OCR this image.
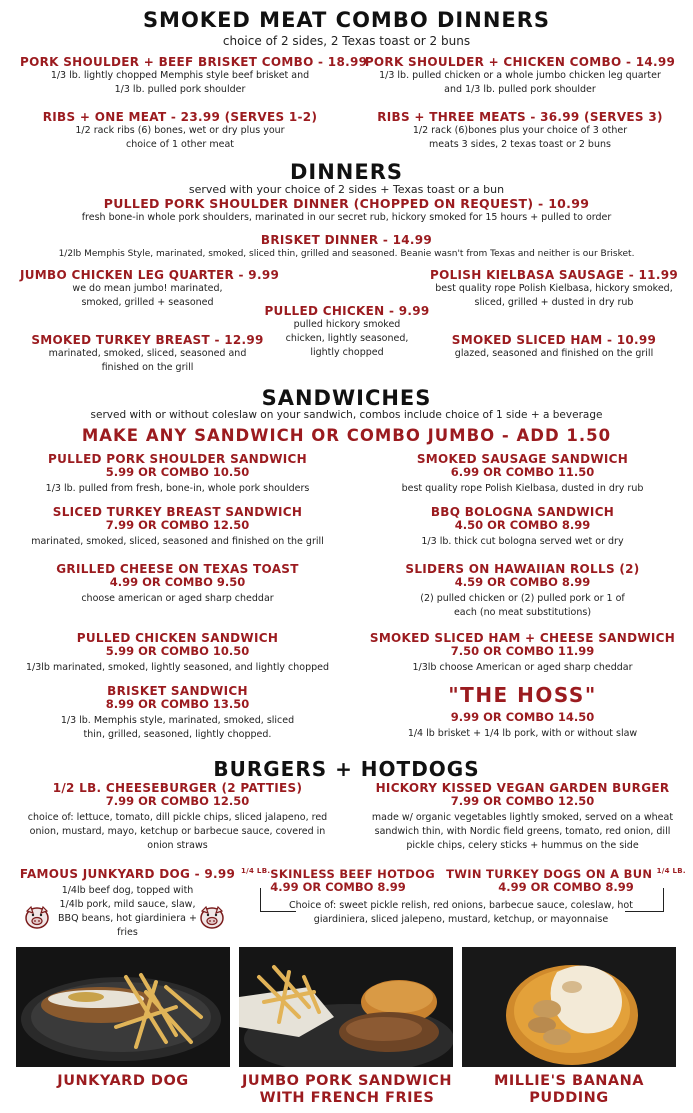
SMOKED MEAT COMBO DINNERS
choice of 2 sides, 2 Texas toast or 2 buns
PORK SHOULDER + BEEF BRISKET COMBO - 18.99
1/3 lb. lightly chopped Memphis style beef brisket and 1/3 lb. pulled pork shoulder
PORK SHOULDER + CHICKEN COMBO - 14.99
1/3 lb. pulled chicken or a whole jumbo chicken leg quarter and 1/3 lb. pulled pork shoulder
RIBS + ONE MEAT - 23.99 (SERVES 1-2)
1/2 rack ribs (6) bones, wet or dry plus your choice of 1 other meat
RIBS + THREE MEATS - 36.99 (SERVES 3)
1/2 rack (6)bones plus your choice of 3 other meats 3 sides, 2 texas toast or 2 buns
DINNERS
served with your choice of 2 sides + Texas toast or a bun
PULLED PORK SHOULDER DINNER (CHOPPED ON REQUEST) - 10.99
fresh bone-in whole pork shoulders, marinated in our secret rub, hickory smoked for 15 hours + pulled to order
BRISKET DINNER - 14.99
1/2lb Memphis Style, marinated, smoked, sliced thin, grilled and seasoned. Beanie wasn't from Texas and neither is our Brisket.
JUMBO CHICKEN LEG QUARTER - 9.99
we do mean jumbo! marinated, smoked, grilled + seasoned
POLISH KIELBASA SAUSAGE - 11.99
best quality rope Polish Kielbasa, hickory smoked, sliced, grilled + dusted in dry rub
PULLED CHICKEN - 9.99
pulled hickory smoked chicken, lightly seasoned, lightly chopped
SMOKED TURKEY BREAST - 12.99
marinated, smoked, sliced, seasoned and finished on the grill
SMOKED SLICED HAM - 10.99
glazed, seasoned and finished on the grill
SANDWICHES
served with or without coleslaw on your sandwich, combos include choice of 1 side + a beverage
MAKE ANY SANDWICH OR COMBO JUMBO - ADD 1.50
PULLED PORK SHOULDER SANDWICH
5.99 OR COMBO 10.50
1/3 lb. pulled from fresh, bone-in, whole pork shoulders
SMOKED SAUSAGE SANDWICH
6.99 OR COMBO 11.50
best quality rope Polish Kielbasa, dusted in dry rub
SLICED TURKEY BREAST SANDWICH
7.99 OR COMBO 12.50
marinated, smoked, sliced, seasoned and finished on the grill
BBQ BOLOGNA SANDWICH
4.50 OR COMBO 8.99
1/3 lb. thick cut bologna served wet or dry
GRILLED CHEESE ON TEXAS TOAST
4.99 OR COMBO 9.50
choose american or aged sharp cheddar
SLIDERS ON HAWAIIAN ROLLS (2)
4.59 OR COMBO 8.99
(2) pulled chicken or (2) pulled pork or 1 of each (no meat substitutions)
PULLED CHICKEN SANDWICH
5.99 OR COMBO 10.50
1/3lb marinated, smoked, lightly seasoned, and lightly chopped
SMOKED SLICED HAM + CHEESE SANDWICH
7.50 OR COMBO 11.99
1/3lb choose American or aged sharp cheddar
BRISKET SANDWICH
8.99 OR COMBO 13.50
1/3 lb. Memphis style, marinated, smoked, sliced thin, grilled, seasoned, lightly chopped.
"THE HOSS"
9.99 OR COMBO 14.50
1/4 lb brisket + 1/4 lb pork, with or without slaw
BURGERS + HOTDOGS
1/2 LB. CHEESEBURGER (2 PATTIES)
7.99 OR COMBO 12.50
choice of: lettuce, tomato, dill pickle chips, sliced jalapeno, red onion, mustard, mayo, ketchup or barbecue sauce, covered in onion straws
HICKORY KISSED VEGAN GARDEN BURGER
7.99 OR COMBO 12.50
made w/ organic vegetables lightly smoked, served on a wheat sandwich thin, with Nordic field greens, tomato, red onion, dill pickle chips, celery sticks + hummus on the side
FAMOUS JUNKYARD DOG - 9.99
1/4lb beef dog, topped with 1/4lb pork, mild sauce, slaw, BBQ beans, hot giardiniera + fries
$^{1/4 LB.}$SKINLESS BEEF HOTDOG
4.99 OR COMBO 8.99
TWIN TURKEY DOGS ON A BUN $^{1/4 LB.}$
4.99 OR COMBO 8.99
Choice of: sweet pickle relish, red onions, barbecue sauce, coleslaw, hot giardiniera, sliced jalepeno, mustard, ketchup, or mayonnaise
JUNKYARD DOG	JUMBO PORK SANDWICH WITH FRENCH FRIES
MILLIE'S BANANA PUDDING
